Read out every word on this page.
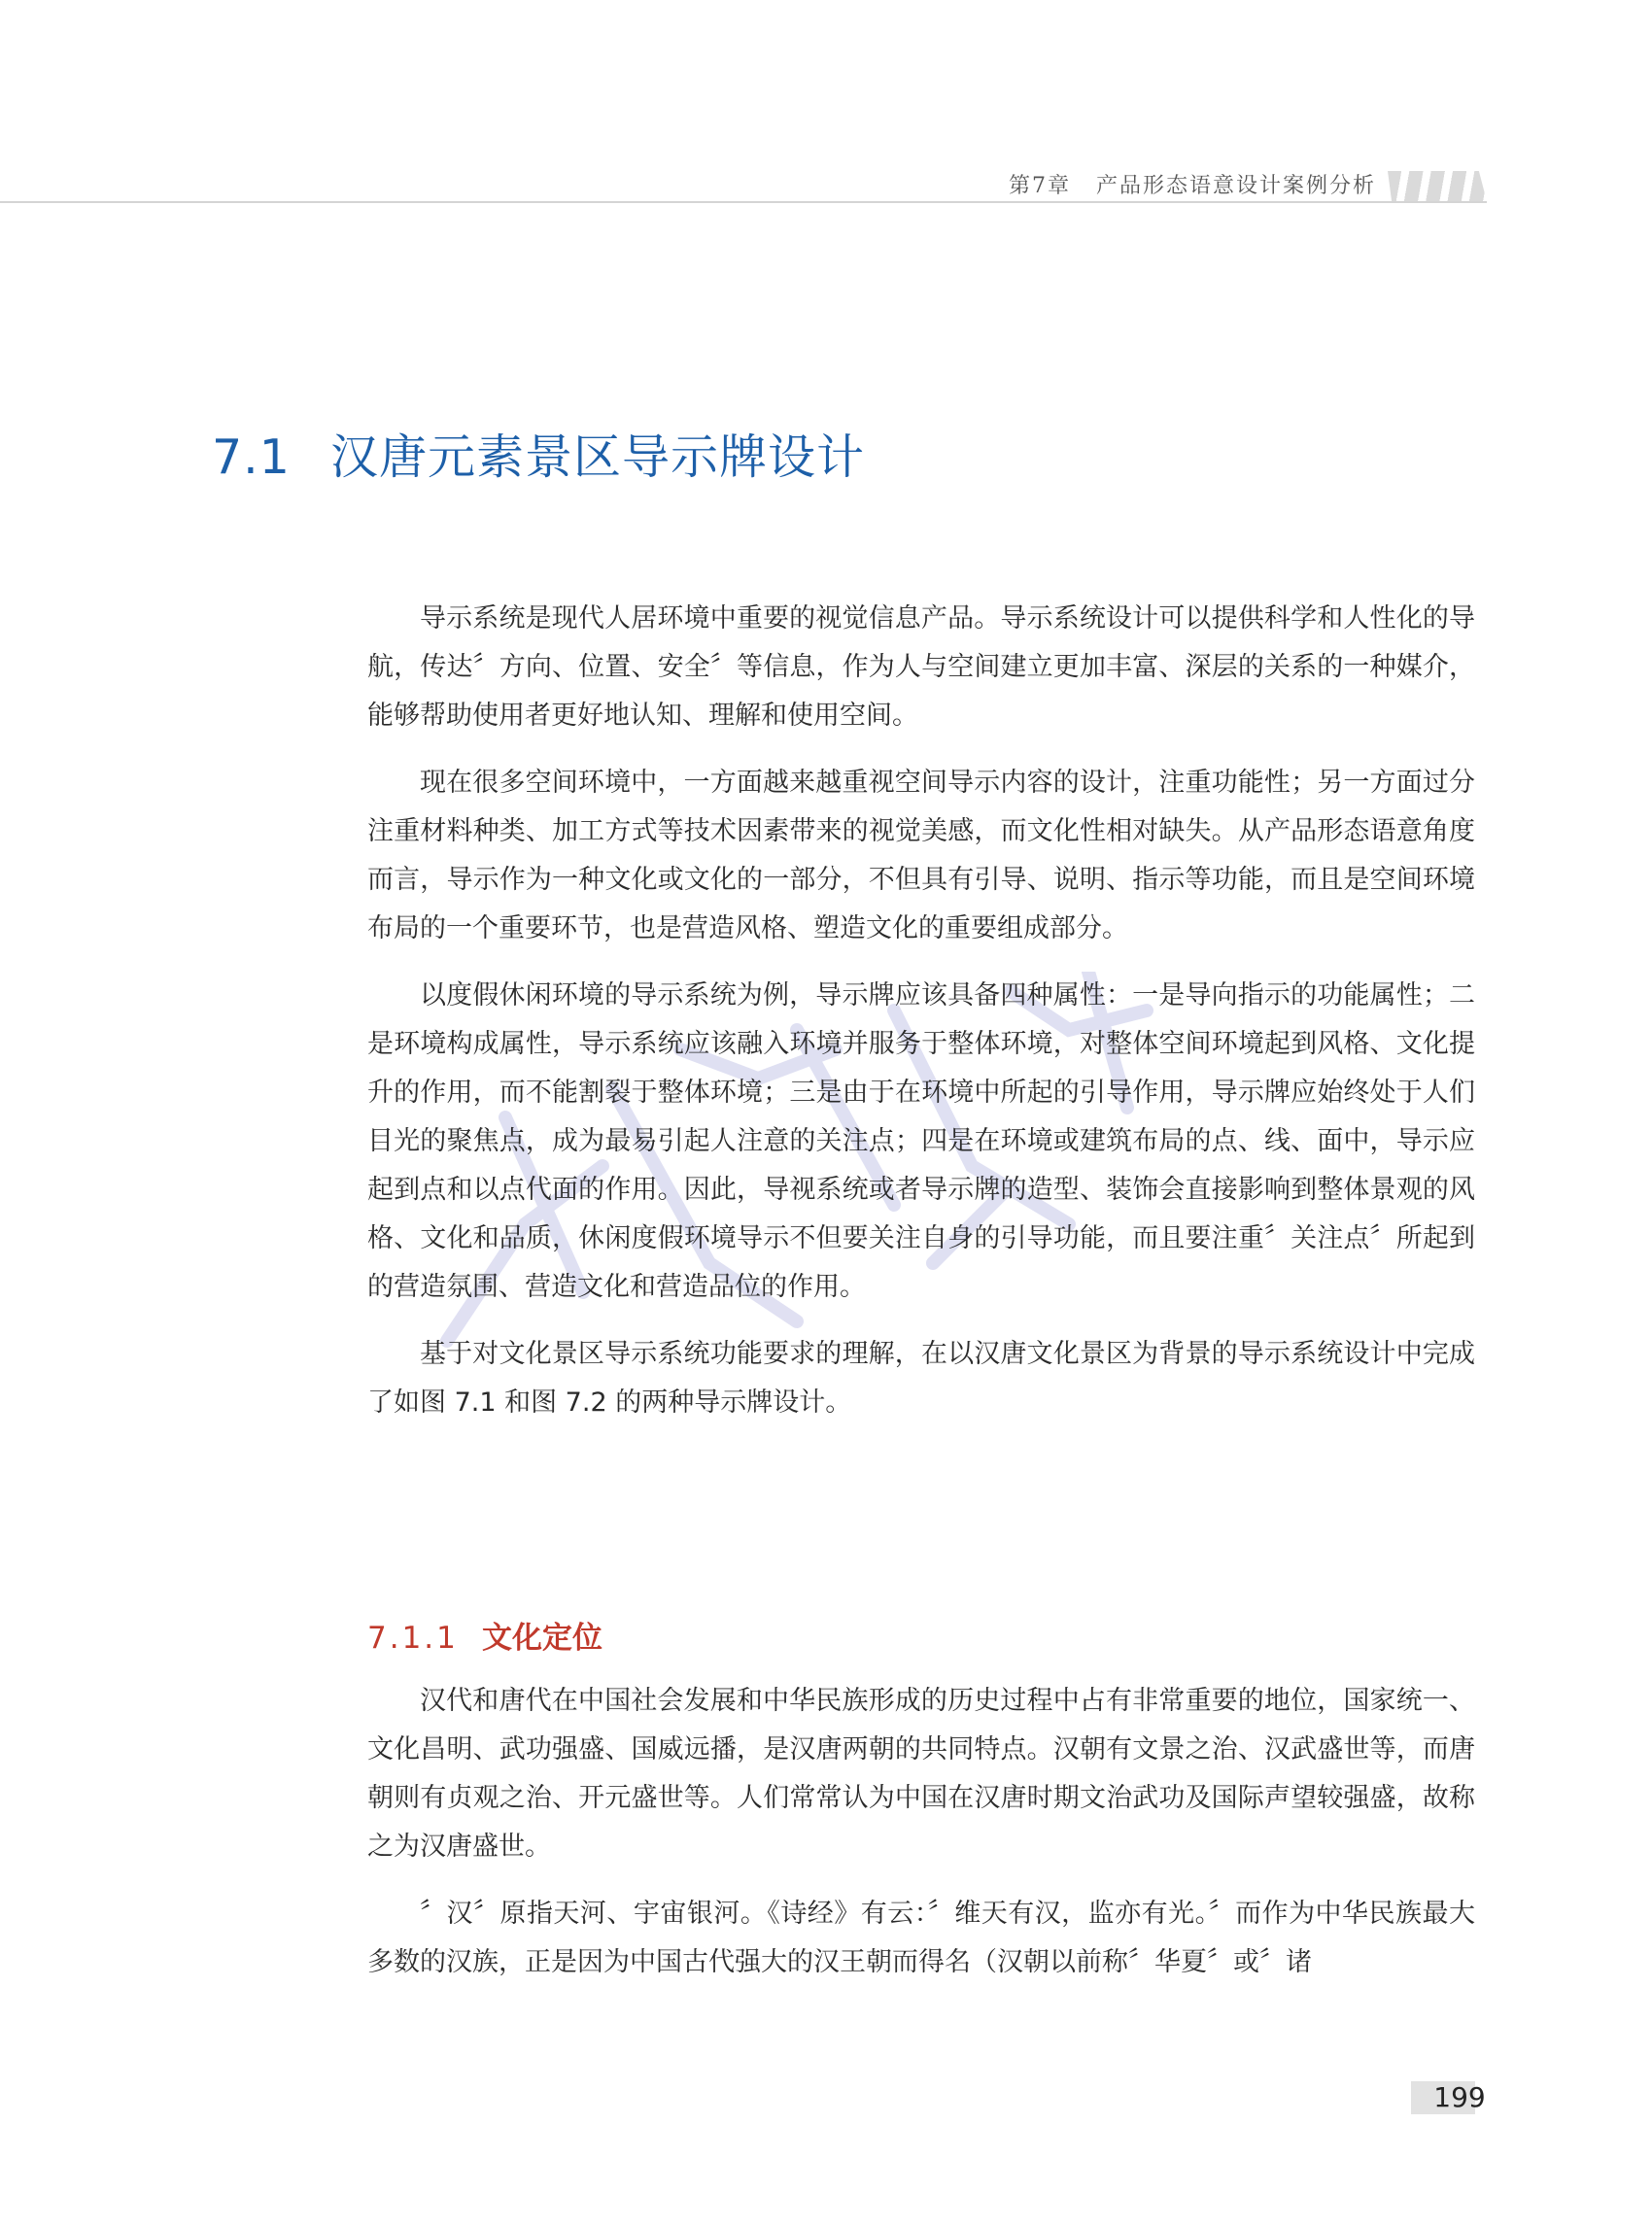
第7章 产品形态语意设计案例分析
7.1 汉唐元素景区导示牌设计

导示系统是现代人居环境中重要的视觉信息产品。导示系统设计可以提供科学和人性化的导航，传达〞方向、位置、安全〞等信息，作为人与空间建立更加丰富、深层的关系的一种媒介，能够帮助使用者更好地认知、理解和使用空间。

现在很多空间环境中，一方面越来越重视空间导示内容的设计，注重功能性；另一方面过分注重材料种类、加工方式等技术因素带来的视觉美感，而文化性相对缺失。从产品形态语意角度而言，导示作为一种文化或文化的一部分，不但具有引导、说明、指示等功能，而且是空间环境布局的一个重要环节，也是营造风格、塑造文化的重要组成部分。

以度假休闲环境的导示系统为例，导示牌应该具备四种属性：一是导向指示的功能属性；二是环境构成属性，导示系统应该融入环境并服务于整体环境，对整体空间环境起到风格、文化提升的作用，而不能割裂于整体环境；三是由于在环境中所起的引导作用，导示牌应始终处于人们目光的聚焦点，成为最易引起人注意的关注点；四是在环境或建筑布局的点、线、面中，导示应起到点和以点代面的作用。因此，导视系统或者导示牌的造型、装饰会直接影响到整体景观的风格、文化和品质，休闲度假环境导示不但要关注自身的引导功能，而且要注重〞关注点〞所起到的营造氛围、营造文化和营造品位的作用。

基于对文化景区导示系统功能要求的理解，在以汉唐文化景区为背景的导示系统设计中完成了如图 7.1 和图 7.2 的两种导示牌设计。

7.1.1 文化定位

汉代和唐代在中国社会发展和中华民族形成的历史过程中占有非常重要的地位，国家统一、文化昌明、武功强盛、国威远播，是汉唐两朝的共同特点。汉朝有文景之治、汉武盛世等，而唐朝则有贞观之治、开元盛世等。人们常常认为中国在汉唐时期文治武功及国际声望较强盛，故称之为汉唐盛世。

〞汉〞原指天河、宇宙银河。《诗经》有云：〞维天有汉，监亦有光。〞而作为中华民族最大多数的汉族，正是因为中国古代强大的汉王朝而得名（汉朝以前称〞华夏〞或〞诸

199
